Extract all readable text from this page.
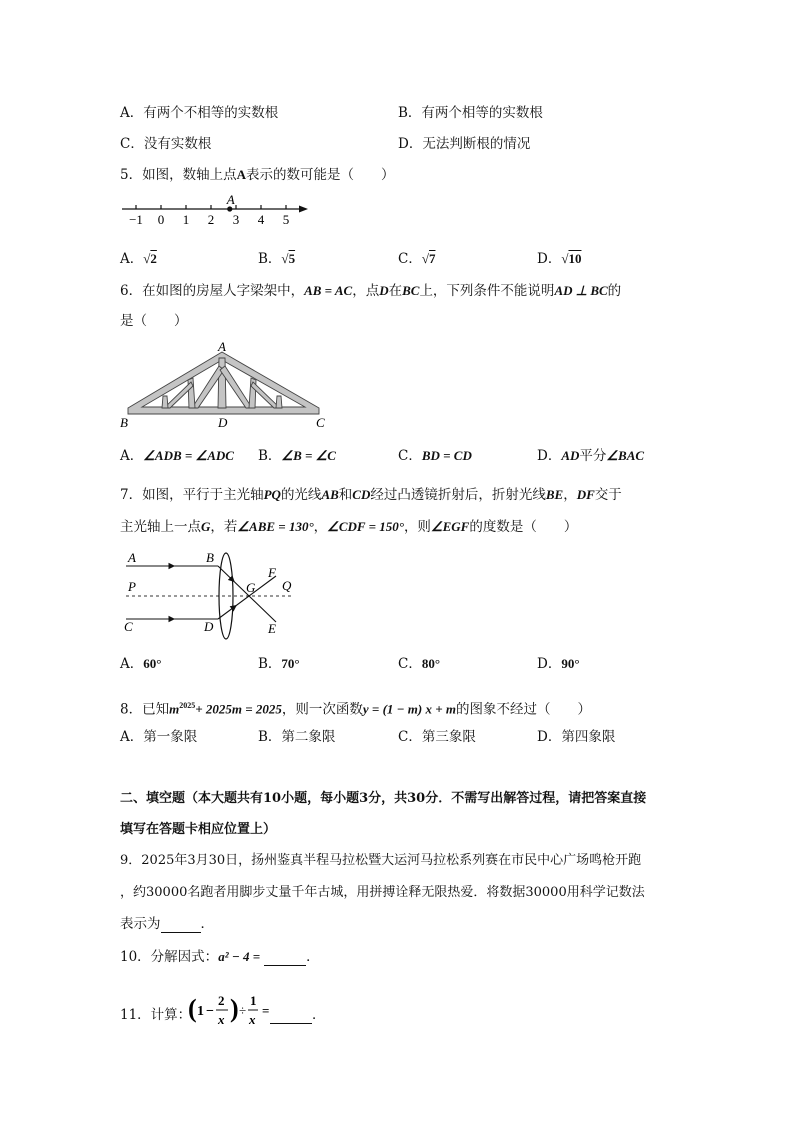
A．有两个不相等的实数根	B．有两个相等的实数根
C．没有实数根	D．无法判断根的情况
5．如图，数轴上点A表示的数可能是（　　）
−1 0 1 2 3 4 5
A
A．√2	B．√5	C．√7	D．√10
6．在如图的房屋人字梁架中，AB = AC，点D在BC上，下列条件不能说明AD ⊥ BC的
是（　　）
A
B	D	C
A．∠ADB = ∠ADC B．∠B = ∠C	C．BD = CD	D．AD平分∠BAC
7．如图，平行于主光轴PQ的光线AB和CD经过凸透镜折射后，折射光线BE，DF交于
主光轴上一点G，若∠ABE = 130°，∠CDF = 150°，则∠EGF的度数是（　　）
A	B
P	G
F
Q
C	D	E
A．60°	B．70°	C．80°	D．90°
8．已知$m^{2025}+ 2025m = 2025$，则一次函数y = (1 − m) x + m的图象不经过（　　）
A．第一象限	B．第二象限	C．第三象限	D．第四象限
二、填空题（本大题共有10小题，每小题3分，共30分．不需写出解答过程，请把答案直接
填写在答题卡相应位置上）
9．2025年3月30日，扬州鉴真半程马拉松暨大运河马拉松系列赛在市民中心广场鸣枪开跑
，约30000名跑者用脚步丈量千年古城，用拼搏诠释无限热爱．将数据30000用科学记数法
表示为	．
10．分解因式：a² − 4 =	．
11．计算：
( 1 −
2
x ) ÷
1
x
=	．
